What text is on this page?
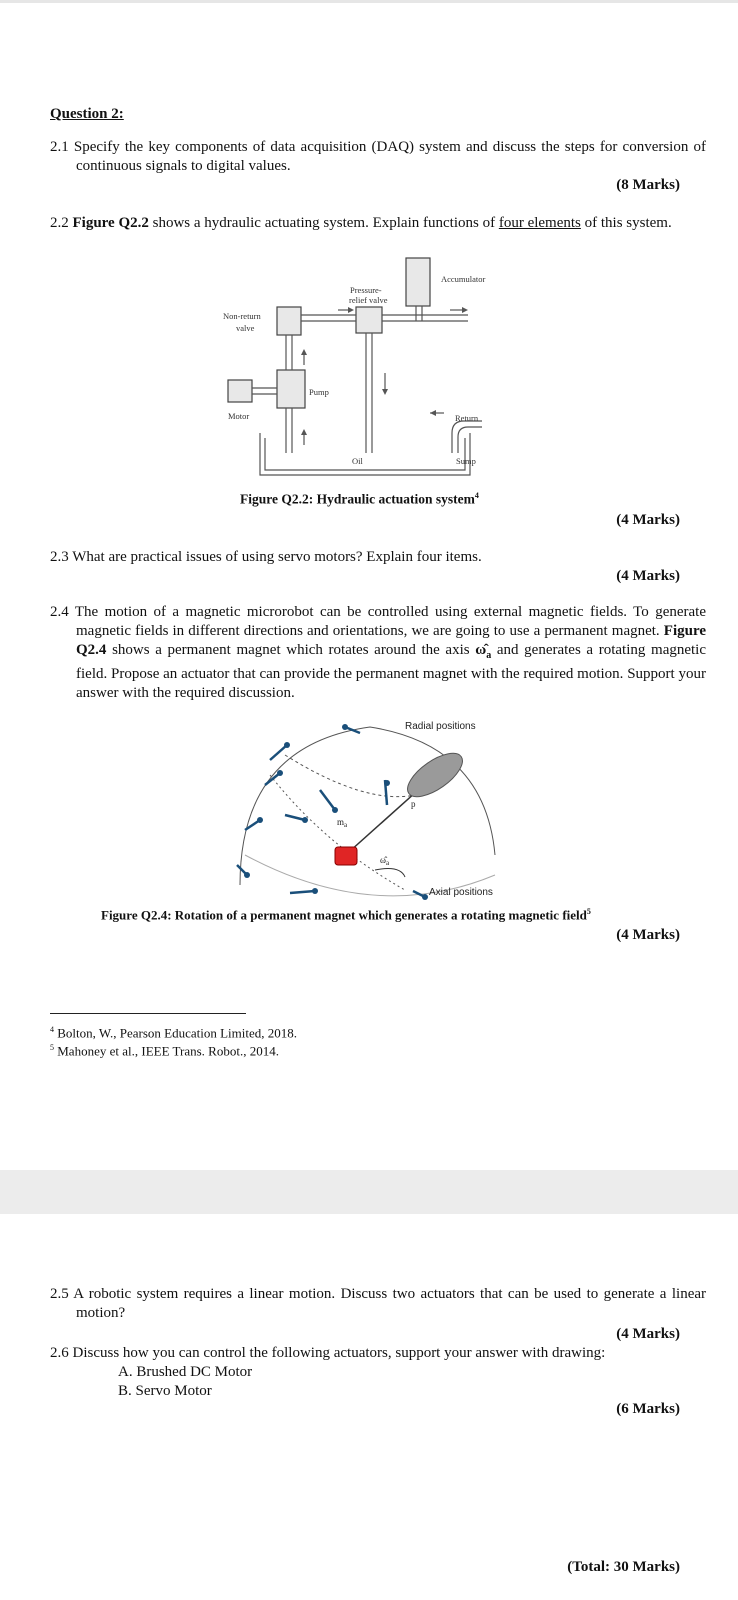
Question 2:
2.1 Specify the key components of data acquisition (DAQ) system and discuss the steps for conversion of continuous signals to digital values.
(8 Marks)
2.2 Figure Q2.2 shows a hydraulic actuating system. Explain functions of four elements of this system.
Accumulator
Pressure-
relief valve
Non-return
valve
Pump
Motor	Return
Oil	Sump
Figure Q2.2: Hydraulic actuation system$^4$
(4 Marks)
2.3 What are practical issues of using servo motors? Explain four items.
(4 Marks)
2.4 The motion of a magnetic microrobot can be controlled using external magnetic fields. To generate magnetic fields in different directions and orientations, we are going to use a permanent magnet. Figure Q2.4 shows a permanent magnet which rotates around the axis $\omegâ_a$ and generates a rotating magnetic field. Propose an actuator that can provide the permanent magnet with the required motion. Support your answer with the required discussion.
Radial positions
Axial positions
p
$m_a$
$\omegâ_a$
Figure Q2.4: Rotation of a permanent magnet which generates a rotating magnetic field$^5$
(4 Marks)
$^4$ Bolton, W., Pearson Education Limited, 2018.
$^5$ Mahoney et al., IEEE Trans. Robot., 2014.
2.5 A robotic system requires a linear motion. Discuss two actuators that can be used to generate a linear motion?
(4 Marks)
2.6 Discuss how you can control the following actuators, support your answer with drawing:
A. Brushed DC Motor
B. Servo Motor
(6 Marks)
(Total: 30 Marks)
